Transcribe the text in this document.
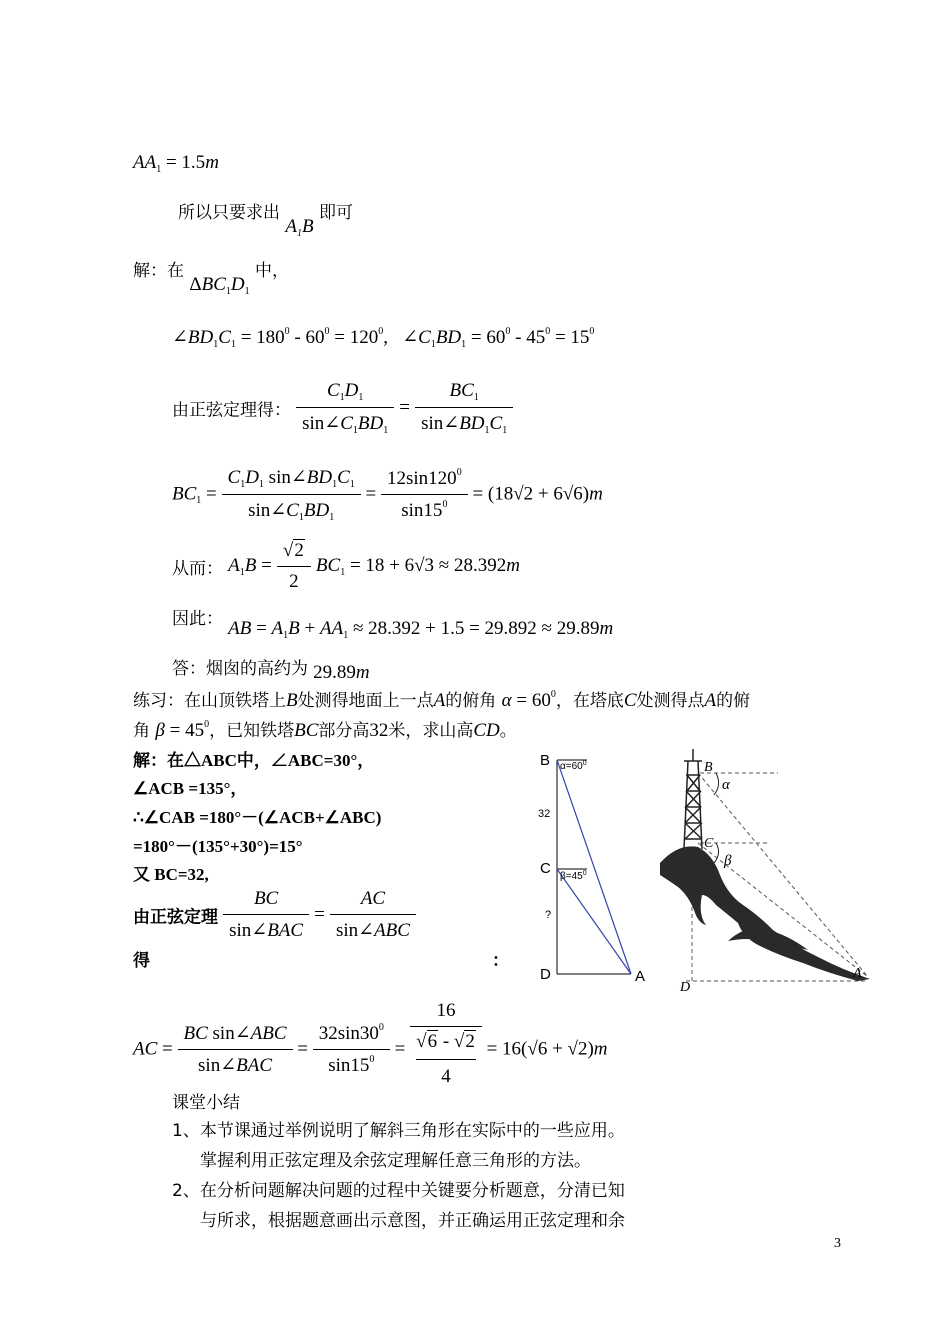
$AA_1 = 1.5m$
所以只要求出 $A_1B$ 即可
解：在 $\Delta BC_1D_1$ 中，
$\angle BD_1C_1 = 180^0 - 60^0 = 120^0$,   $\angle C_1BD_1 = 60^0 - 45^0 = 15^0$
由正弦定理得： $\frac{C_1D_1}{\sin\angle C_1BD_1} = \frac{BC_1}{\sin\angle BD_1C_1}$
$BC_1 = \frac{C_1D_1 \sin\angle BD_1C_1}{\sin\angle C_1BD_1} = \frac{12\sin 120^0}{\sin 15^0} = (18√2 + 6√6)m$
从而： $A_1B = \frac{√2}{2} BC_1 = 18 + 6√3 \approx 28.392m$
因此： AB = $A_1B + AA_1 \approx 28.392 + 1.5 = 29.892 \approx 29.89m$
答：烟囱的高约为 29.89m
练习：在山顶铁塔上B处测得地面上一点A的俯角 $\alpha = 60^0$，在塔底C处测得点A的俯
角 $\beta = 45^0$，已知铁塔BC部分高32米，求山高CD。
解：在△ABC中，∠ABC=30°，
∠ACB =135°，
∴∠CAB =180°－(∠ACB+∠ABC)
=180°－(135°+30°)=15°
又 BC=32,
由正弦定理 $\frac{BC}{\text{sin∠BAC}} = \frac{AC}{\text{sin∠ABC}}$
得	：
AC = $\frac{\text{BC sin∠ABC}}{\text{sin∠BAC}} = \frac{32\sin 30^0}{\sin 15^0} = 16$
√6 - √2
4 = 16(√6 + √2)m
课堂小结
1、本节课通过举例说明了解斜三角形在实际中的一些应用。
掌握利用正弦定理及余弦定理解任意三角形的方法。
2、在分析问题解决问题的过程中关键要分析题意，分清已知
与所求，根据题意画出示意图，并正确运用正弦定理和余
3
B
C
D	A
32
?
$\alpha=60^0$
$\beta=45^0$
B
C
D
A
α
β
